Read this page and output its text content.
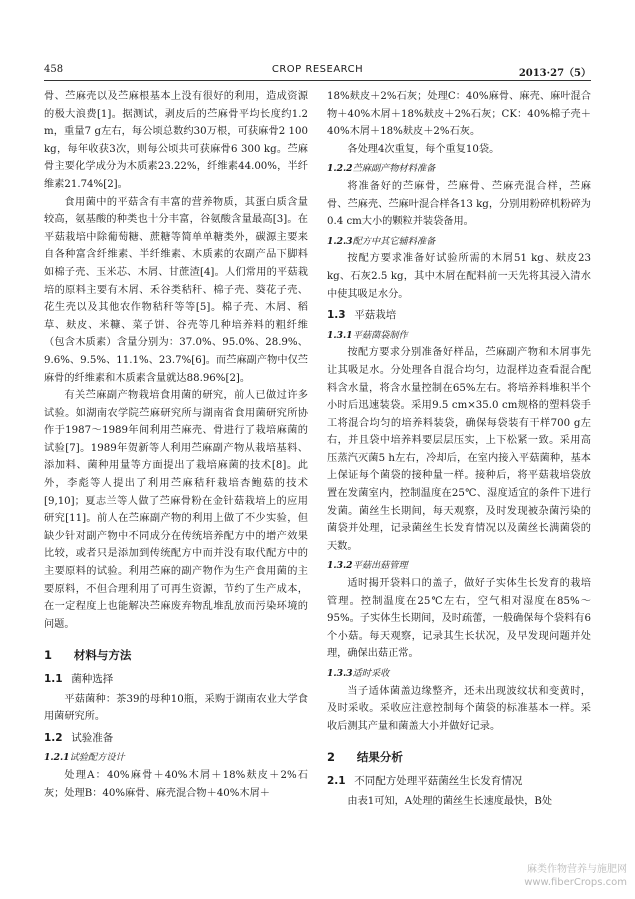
458	CROP RESEARCH	2013·27（5）

骨、苎麻壳以及苎麻根基本上没有很好的利用，造成资源的极大浪费[1]。据测试，剥皮后的苎麻骨平均长度约1.2 m，重量7 g左右，每公顷总数约30万根，可获麻骨2 100 kg，每年收获3次，则每公顷共可获麻骨6 300 kg。苎麻骨主要化学成分为木质素23.22%，纤维素44.00%，半纤维素21.74%[2]。

食用菌中的平菇含有丰富的营养物质，其蛋白质含量较高，氨基酸的种类也十分丰富，谷氨酸含量最高[3]。在平菇栽培中除葡萄糖、蔗糖等简单单糖类外，碳源主要来自各种富含纤维素、半纤维素、木质素的农副产品下脚料如棉子壳、玉米芯、木屑、甘蔗渣[4]。人们常用的平菇栽培的原料主要有木屑、禾谷类秸秆、棉子壳、葵花子壳、花生壳以及其他农作物秸秆等等[5]。棉子壳、木屑、稻草、麸皮、米糠、菜子饼、谷壳等几种培养料的粗纤维（包含木质素）含量分别为：37.0%、95.0%、28.9%、9.6%、9.5%、11.1%、23.7%[6]。而苎麻副产物中仅苎麻骨的纤维素和木质素含量就达88.96%[2]。

有关苎麻副产物栽培食用菌的研究，前人已做过许多试验。如湖南农学院苎麻研究所与湖南省食用菌研究所协作于1987～1989年间利用苎麻壳、骨进行了栽培麻菌的试验[7]。1989年贺新等人利用苎麻副产物从栽培基料、添加料、菌种用量等方面提出了栽培麻菌的技术[8]。此外，李彪等人提出了利用苎麻秸秆栽培杏鲍菇的技术[9,10]；夏志兰等人做了苎麻骨粉在金针菇栽培上的应用研究[11]。前人在苎麻副产物的利用上做了不少实验，但缺少针对副产物中不同成分在传统培养配方中的增产效果比较，或者只是添加到传统配方中而并没有取代配方中的主要原料的试验。利用苎麻的副产物作为生产食用菌的主要原料，不但合理利用了可再生资源，节约了生产成本，在一定程度上也能解决苎麻废弃物乱堆乱放而污染环境的问题。

1 材料与方法
1.1 菌种选择

平菇菌种：茶39的母种10瓶，采购于湖南农业大学食用菌研究所。

1.2 试验准备
1.2.1试验配方设计

处理A：40%麻骨＋40%木屑＋18%麸皮＋2%石灰；处理B：40%麻骨、麻壳混合物＋40%木屑＋

18%麸皮＋2%石灰；处理C：40%麻骨、麻壳、麻叶混合物＋40%木屑＋18%麸皮＋2%石灰；CK：40%棉子壳＋40%木屑＋18%麸皮＋2%石灰。

各处理4次重复，每个重复10袋。

1.2.2苎麻副产物材料准备

将准备好的苎麻骨，苎麻骨、苎麻壳混合样，苎麻骨、苎麻壳、苎麻叶混合样各13 kg，分别用粉碎机粉碎为0.4 cm大小的颗粒并装袋备用。

1.2.3配方中其它辅料准备

按配方要求准备好试验所需的木屑51 kg、麸皮23 kg、石灰2.5 kg，其中木屑在配料前一天先将其浸入清水中使其吸足水分。

1.3 平菇栽培
1.3.1平菇菌袋制作

按配方要求分别准备好样品，苎麻副产物和木屑事先让其吸足水。分处理各自混合均匀，边混样边查看混合配料含水量，将含水量控制在65%左右。将培养料堆积半个小时后迅速装袋。采用9.5 cm×35.0 cm规格的塑料袋手工将混合均匀的培养料装袋，确保每袋装有干样700 g左右，并且袋中培养料要层层压实，上下松紧一致。采用高压蒸汽灭菌5 h左右，冷却后，在室内接入平菇菌种，基本上保证每个菌袋的接种量一样。接种后，将平菇栽培袋放置在发菌室内，控制温度在25℃、湿度适宜的条件下进行发菌。菌丝生长期间，每天观察，及时发现被杂菌污染的菌袋并处理，记录菌丝生长发育情况以及菌丝长满菌袋的天数。

1.3.2平菇出菇管理

适时揭开袋料口的盖子，做好子实体生长发育的栽培管理。控制温度在25℃左右，空气相对湿度在85%～95%。子实体生长期间，及时疏蕾，一般确保每个袋料有6个小菇。每天观察，记录其生长状况，及早发现问题并处理，确保出菇正常。

1.3.3适时采收

当子适体菌盖边缘整齐，还未出现波纹状和变黄时，及时采收。采收应注意控制每个菌袋的标准基本一样。采收后测其产量和菌盖大小并做好记录。

2 结果分析
2.1 不同配方处理平菇菌丝生长发育情况

由表1可知，A处理的菌丝生长速度最快，B处

麻类作物营养与施肥网
www.fiberCrops.com
